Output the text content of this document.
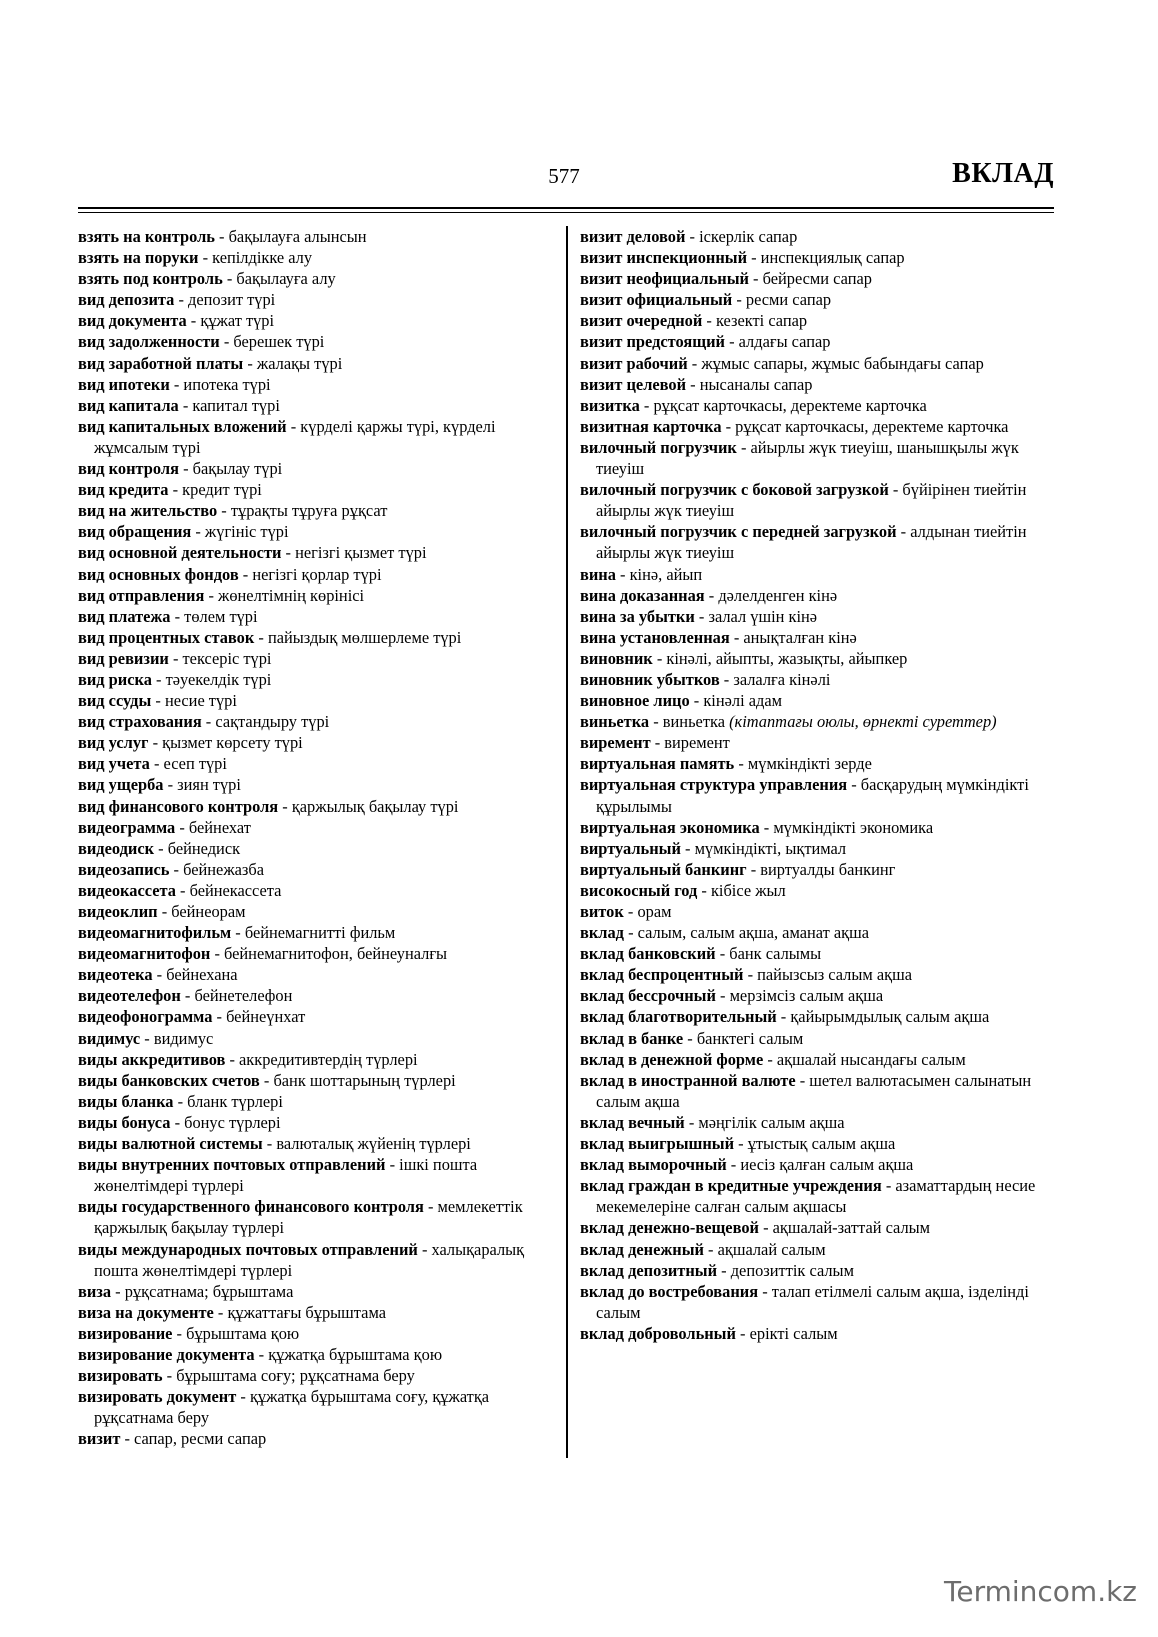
577	ВКЛАД
взять на контроль - бақылауға алынсын
взять на поруки - кепілдікке алу
взять под контроль - бақылауға алу
вид депозита - депозит түрі
вид документа - құжат түрі
вид задолженности - берешек түрі
вид заработной платы - жалақы түрі
вид ипотеки - ипотека түрі
вид капитала - капитал түрі
вид капитальных вложений - күрделі қаржы түрі, күрделі жұмсалым түрі
вид контроля - бақылау түрі
вид кредита - кредит түрі
вид на жительство - тұрақты тұруға рұқсат
вид обращения - жүгініс түрі
вид основной деятельности - негізгі қызмет түрі
вид основных фондов - негізгі қорлар түрі
вид отправления - жөнелтімнің көрінісі
вид платежа - төлем түрі
вид процентных ставок - пайыздық мөлшерлеме түрі
вид ревизии - тексеріс түрі
вид риска - тәуекелдік түрі
вид ссуды - несие түрі
вид страхования - сақтандыру түрі
вид услуг - қызмет көрсету түрі
вид учета - есеп түрі
вид ущерба - зиян түрі
вид финансового контроля - қаржылық бақылау түрі
видеограмма - бейнехат
видеодиск - бейнедиск
видеозапись - бейнежазба
видеокассета - бейнекассета
видеоклип - бейнеорам
видеомагнитофильм - бейнемагнитті фильм
видеомагнитофон - бейнемагнитофон, бейнеуналғы
видеотека - бейнехана
видеотелефон - бейнетелефон
видеофонограмма - бейнеүнхат
видимус - видимус
виды аккредитивов - аккредитивтердің түрлері
виды банковских счетов - банк шоттарының түрлері
виды бланка - бланк түрлері
виды бонуса - бонус түрлері
виды валютной системы - валюталық жүйенің түрлері
виды внутренних почтовых отправлений - ішкі пошта жөнелтімдері түрлері
виды государственного финансового контроля - мемлекеттік қаржылық бақылау түрлері
виды международных почтовых отправлений - халықаралық пошта жөнелтімдері түрлері
виза - рұқсатнама; бұрыштама
виза на документе - құжаттағы бұрыштама
визирование - бұрыштама қою
визирование документа - құжатқа бұрыштама қою
визировать - бұрыштама соғу; рұқсатнама беру
визировать документ - құжатқа бұрыштама соғу, құжатқа рұқсатнама беру
визит - сапар, ресми сапар
визит деловой - іскерлік сапар
визит инспекционный - инспекциялық сапар
визит неофициальный - бейресми сапар
визит официальный - ресми сапар
визит очередной - кезекті сапар
визит предстоящий - алдағы сапар
визит рабочий - жұмыс сапары, жұмыс бабындағы сапар
визит целевой - нысаналы сапар
визитка - рұқсат карточкасы, деректеме карточка
визитная карточка - рұқсат карточкасы, деректеме карточка
вилочный погрузчик - айырлы жүк тиеуіш, шанышқылы жүк тиеуіш
вилочный погрузчик с боковой загрузкой - бүйірінен тиейтін айырлы жүк тиеуіш
вилочный погрузчик с передней загрузкой - алдынан тиейтін айырлы жүк тиеуіш
вина - кінә, айып
вина доказанная - дәлелденген кінә
вина за убытки - залал үшін кінә
вина установленная - анықталған кінә
виновник - кінәлі, айыпты, жазықты, айыпкер
виновник убытков - залалға кінәлі
виновное лицо - кінәлі адам
виньетка - виньетка (кітаптағы оюлы, өрнекті суреттер)
виремент - виремент
виртуальная память - мүмкіндікті зерде
виртуальная структура управления - басқарудың мүмкіндікті құрылымы
виртуальная экономика - мүмкіндікті экономика
виртуальный - мүмкіндікті, ықтимал
виртуальный банкинг - виртуалды банкинг
високосный год - кібісе жыл
виток - орам
вклад - салым, салым ақша, аманат ақша
вклад банковский - банк салымы
вклад беспроцентный - пайызсыз салым ақша
вклад бессрочный - мерзімсіз салым ақша
вклад благотворительный - қайырымдылық салым ақша
вклад в банке - банктегі салым
вклад в денежной форме - ақшалай нысандағы салым
вклад в иностранной валюте - шетел валютасымен салынатын салым ақша
вклад вечный - мәңгілік салым ақша
вклад выигрышный - ұтыстық салым ақша
вклад выморочный - иесіз қалған салым ақша
вклад граждан в кредитные учреждения - азаматтардың несие мекемелеріне салған салым ақшасы
вклад денежно-вещевой - ақшалай-заттай салым
вклад денежный - ақшалай салым
вклад депозитный - депозиттік салым
вклад до востребования - талап етілмелі салым ақша, ізделінді салым
вклад добровольный - ерікті салым
Termincom.kz
